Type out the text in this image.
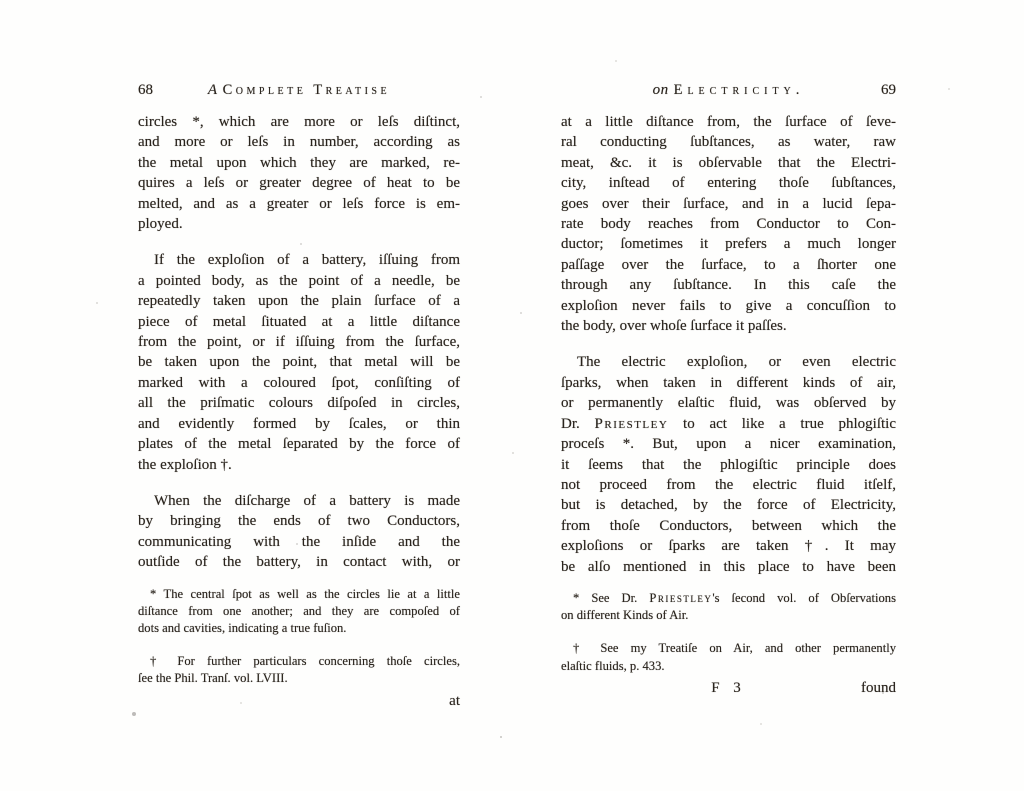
68	A Complete Treatise
circles *, which are more or leſs diſtinct,
and more or leſs in number, according as
the metal upon which they are marked, re-
quires a leſs or greater degree of heat to be
melted, and as a greater or leſs force is em-
ployed.
If the exploſion of a battery, iſſuing from
a pointed body, as the point of a needle, be
repeatedly taken upon the plain ſurface of a
piece of metal ſituated at a little diſtance
from the point, or if iſſuing from the ſurface,
be taken upon the point, that metal will be
marked with a coloured ſpot, conſiſting of
all the priſmatic colours diſpoſed in circles,
and evidently formed by ſcales, or thin
plates of the metal ſeparated by the force of
the exploſion †.
When the diſcharge of a battery is made
by bringing the ends of two Conductors,
communicating with the inſide and the
outſide of the battery, in contact with, or
* The central ſpot as well as the circles lie at a little
diſtance from one another; and they are compoſed of
dots and cavities, indicating a true fuſion.
† For further particulars concerning thoſe circles,
ſee the Phil. Tranſ. vol. LVIII.
at
on Electricity.	69
at a little diſtance from, the ſurface of ſeve-
ral conducting ſubſtances, as water, raw
meat, &c. it is obſervable that the Electri-
city, inſtead of entering thoſe ſubſtances,
goes over their ſurface, and in a lucid ſepa-
rate body reaches from Conductor to Con-
ductor; ſometimes it prefers a much longer
paſſage over the ſurface, to a ſhorter one
through any ſubſtance. In this caſe the
exploſion never fails to give a concuſſion to
the body, over whoſe ſurface it paſſes.
The electric exploſion, or even electric
ſparks, when taken in different kinds of air,
or permanently elaſtic fluid, was obſerved by
Dr. Priestley to act like a true phlogiſtic
proceſs *. But, upon a nicer examination,
it ſeems that the phlogiſtic principle does
not proceed from the electric fluid itſelf,
but is detached, by the force of Electricity,
from thoſe Conductors, between which the
exploſions or ſparks are taken †. It may
be alſo mentioned in this place to have been
* See Dr. Priestley's ſecond vol. of Obſervations
on different Kinds of Air.
† See my Treatiſe on Air, and other permanently
elaſtic fluids, p. 433.
F 3	found
